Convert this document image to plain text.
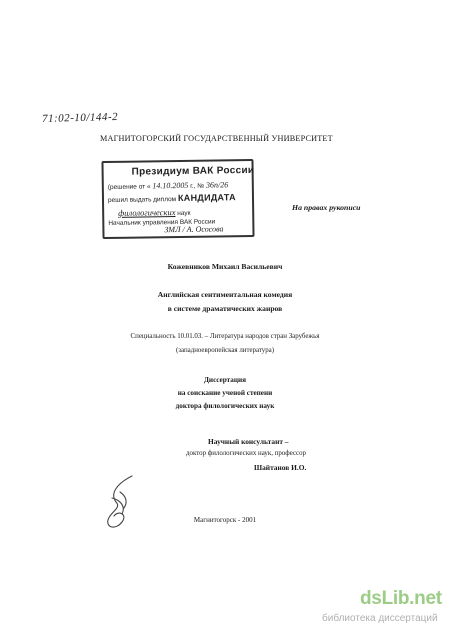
71:02-10/144-2
МАГНИТОГОРСКИЙ ГОСУДАРСТВЕННЫЙ УНИВЕРСИТЕТ
Президиум ВАК России
(решение от « 14.10.2005 г., № 36п/26
решил выдать диплом КАНДИДАТА
филологических наук
Начальник управления ВАК России
ЗМЛ / А. Ососова
На правах рукописи
Кожевников Михаил Васильевич
Английская сентиментальная комедия
в системе драматических жанров
Специальность 10.01.03. – Литература народов стран Зарубежья
(западноевропейская литература)
Диссертация
на соискание ученой степени
доктора филологических наук
Научный консультант –
доктор филологических наук, профессор
Шайтанов И.О.
Магнитогорск - 2001
dsLib.net
библиотека диссертаций
